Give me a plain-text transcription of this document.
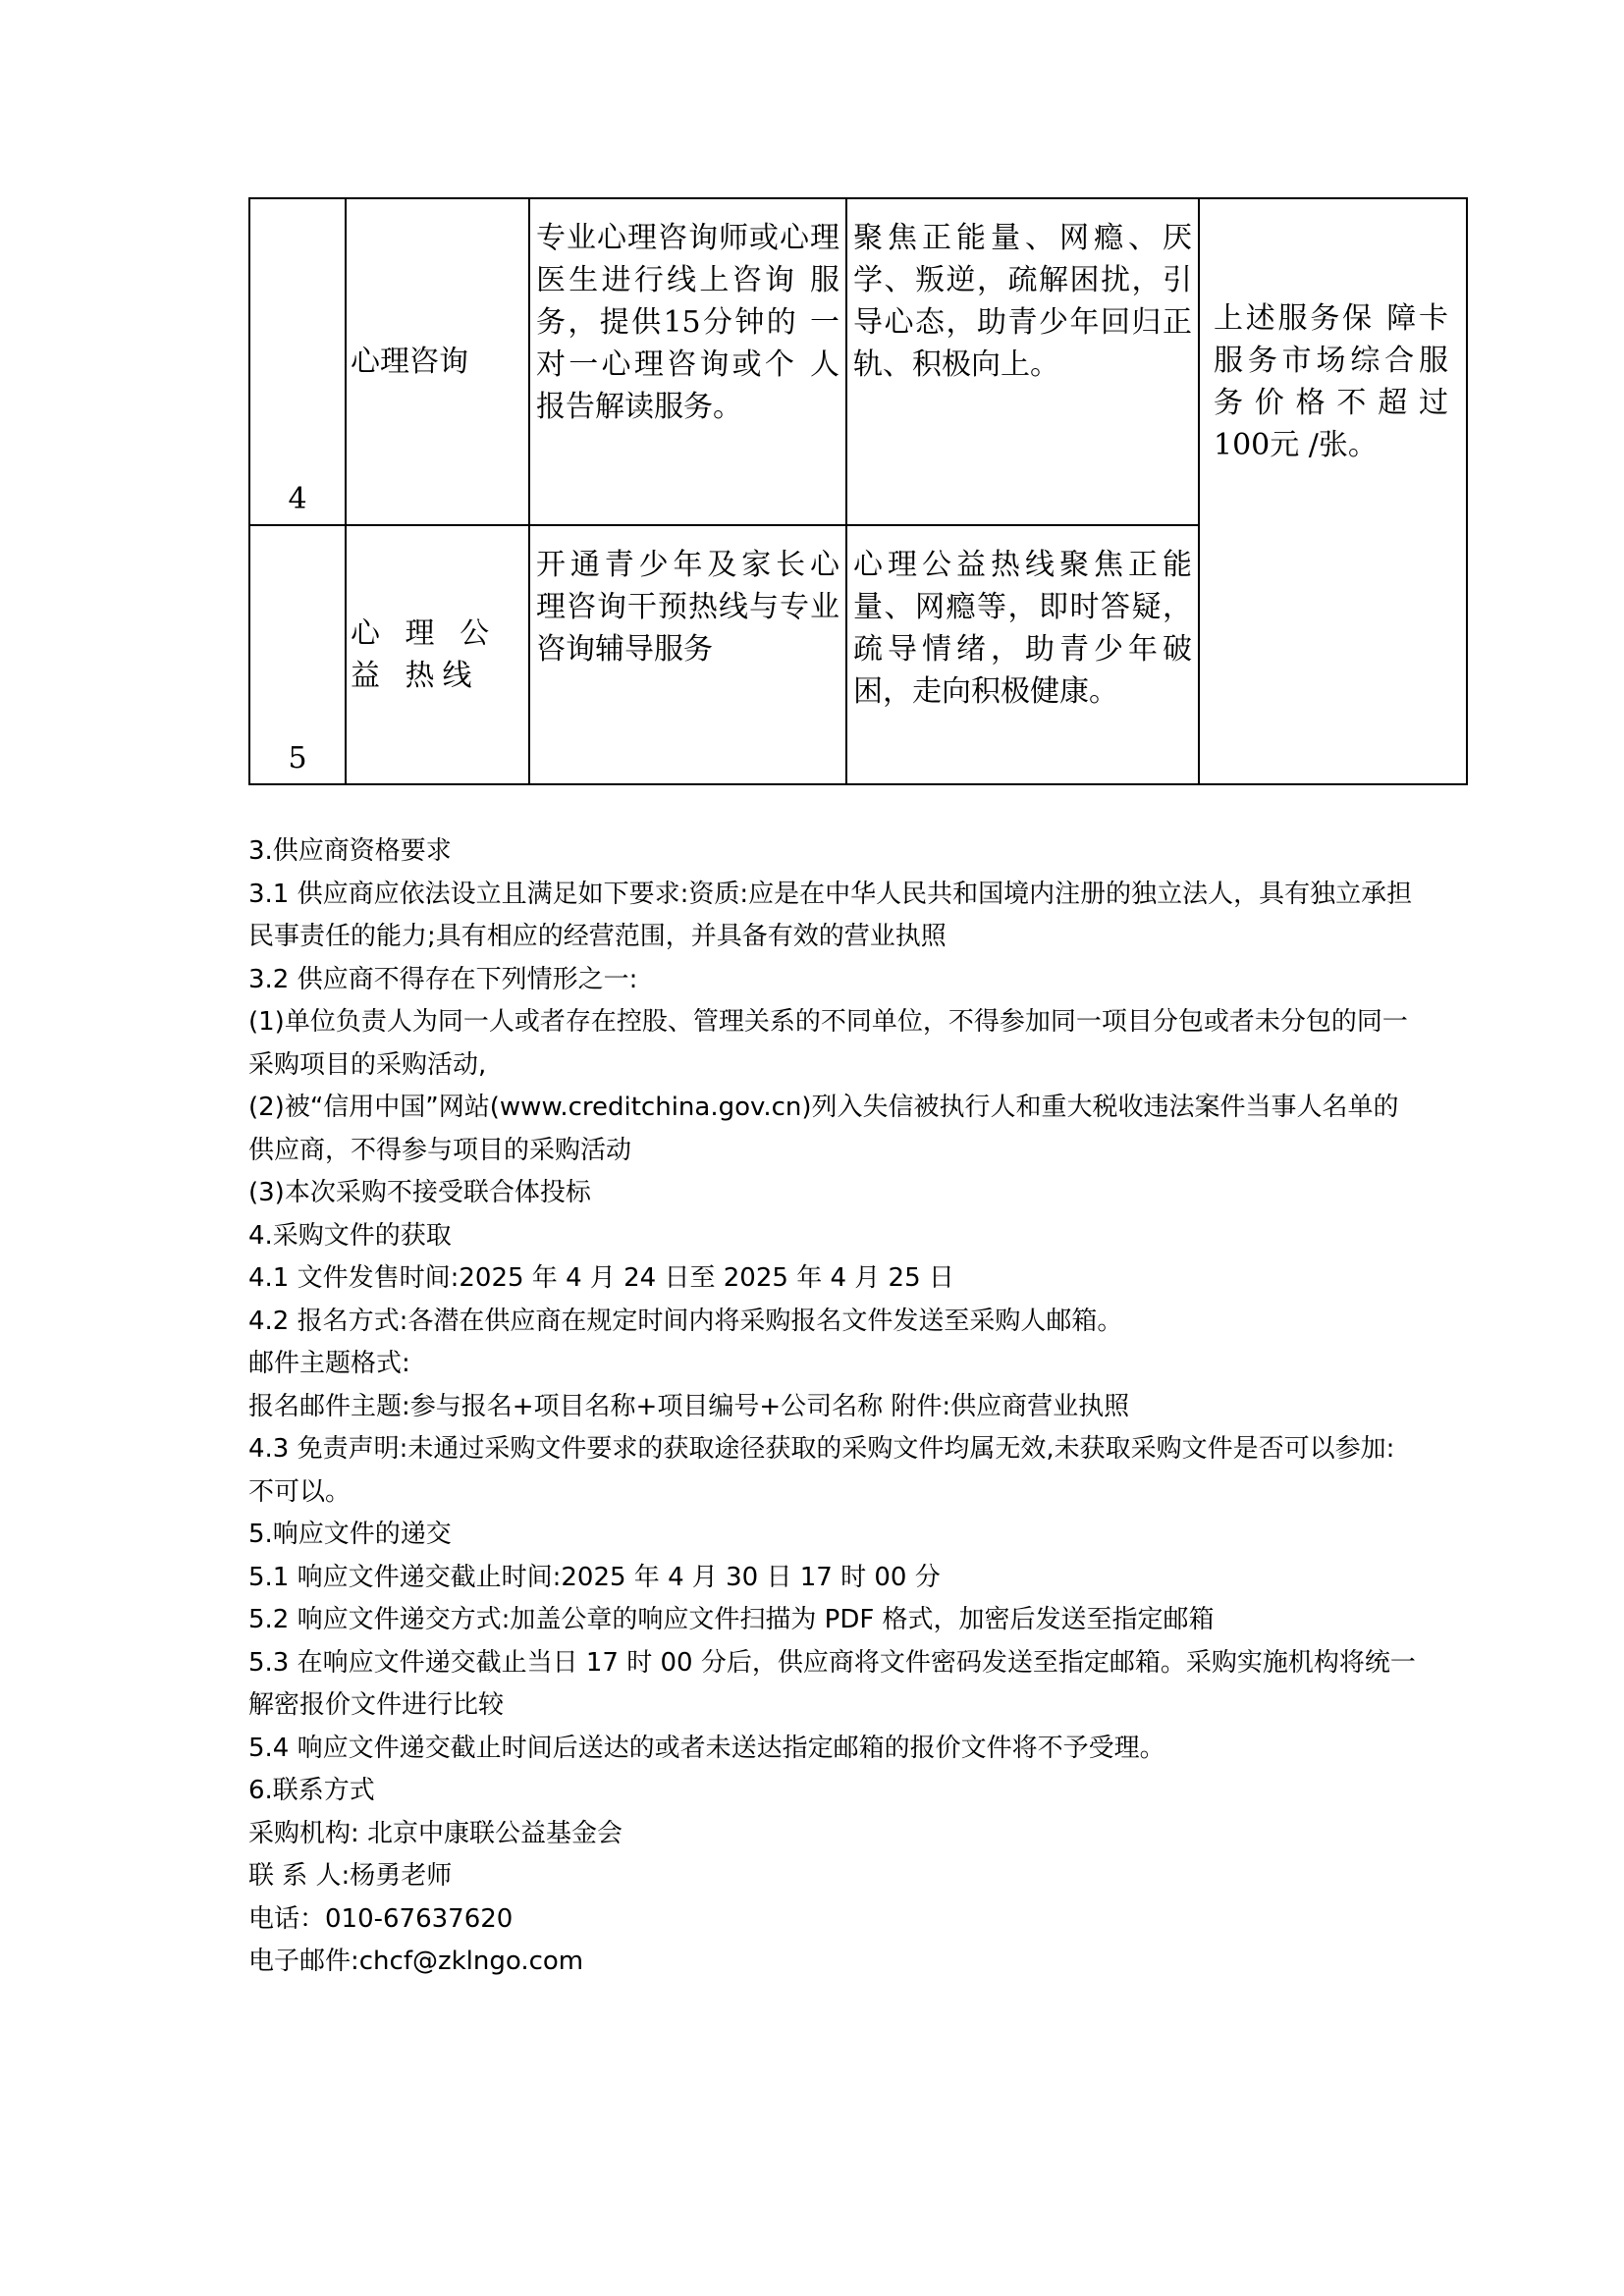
4	心理咨询	专业心理咨询师或心理医生进行线上咨询 服务，提供15分钟的 一对一心理咨询或个 人报告解读服务。	聚焦正能量、网瘾、厌学、叛逆，疏解困扰，引导心态，助青少年回归正轨、积极向上。	上述服务保 障卡服务市场综合服务价格不超过 100元 /张。
5	心 理 公 益 热线	开通青少年及家长心 理咨询干预热线与专业咨询辅导服务	心理公益热线聚焦正能 量、网瘾等，即时答疑，疏导情绪，助青少年破困，走向积极健康。	

3.供应商资格要求

3.1 供应商应依法设立且满足如下要求:资质:应是在中华人民共和国境内注册的独立法人，具有独立承担民事责任的能力;具有相应的经营范围，并具备有效的营业执照

3.2 供应商不得存在下列情形之一:

(1)单位负责人为同一人或者存在控股、管理关系的不同单位，不得参加同一项目分包或者未分包的同一采购项目的采购活动,

(2)被“信用中国”网站(www.creditchina.gov.cn)列入失信被执行人和重大税收违法案件当事人名单的供应商，不得参与项目的采购活动

(3)本次采购不接受联合体投标

4.采购文件的获取

4.1 文件发售时间:2025 年 4 月 24 日至 2025 年 4 月 25 日

4.2 报名方式:各潜在供应商在规定时间内将采购报名文件发送至采购人邮箱。

邮件主题格式:

报名邮件主题:参与报名+项目名称+项目编号+公司名称 附件:供应商营业执照

4.3 免责声明:未通过采购文件要求的获取途径获取的采购文件均属无效,未获取采购文件是否可以参加:不可以。

5.响应文件的递交

5.1 响应文件递交截止时间:2025 年 4 月 30 日 17 时 00 分

5.2 响应文件递交方式:加盖公章的响应文件扫描为 PDF 格式，加密后发送至指定邮箱

5.3 在响应文件递交截止当日 17 时 00 分后，供应商将文件密码发送至指定邮箱。采购实施机构将统一解密报价文件进行比较

5.4 响应文件递交截止时间后送达的或者未送达指定邮箱的报价文件将不予受理。

6.联系方式

采购机构: 北京中康联公益基金会

联 系 人:杨勇老师

电话：010-67637620

电子邮件:chcf@zklngo.com
